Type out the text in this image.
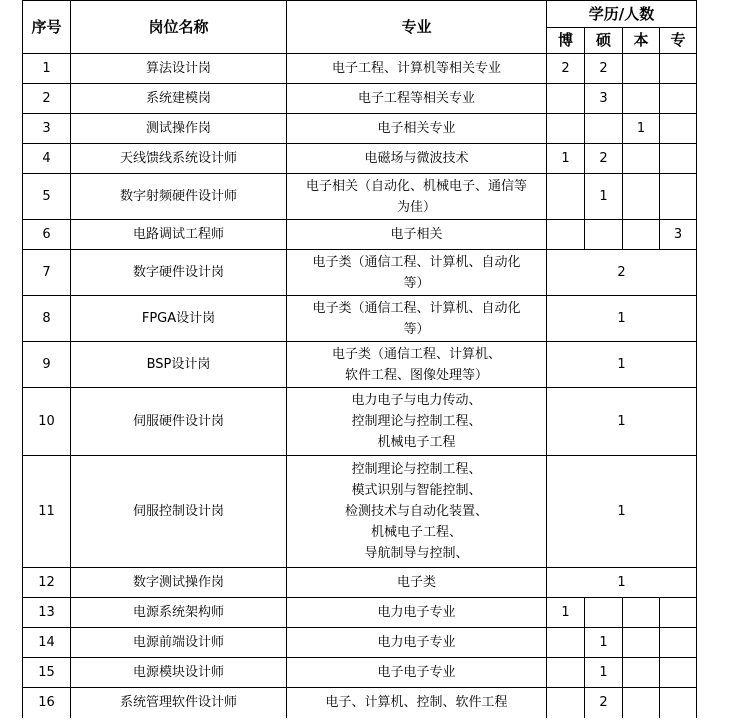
序号	岗位名称	专业	学历/人数			
			博	硕	本	专
1	算法设计岗	电子工程、计算机等相关专业	2	2		
2	系统建模岗	电子工程等相关专业		3		
3	测试操作岗	电子相关专业			1	
4	天线馈线系统设计师	电磁场与微波技术	1	2		
5	数字射频硬件设计师	电子相关（自动化、机械电子、通信等
为佳）		1		
6	电路调试工程师	电子相关				3
7	数字硬件设计岗	电子类（通信工程、计算机、自动化
等）	2			
8	FPGA设计岗	电子类（通信工程、计算机、自动化
等）	1			
9	BSP设计岗	电子类（通信工程、计算机、
软件工程、图像处理等）	1			
10	伺服硬件设计岗	电力电子与电力传动、
控制理论与控制工程、
机械电子工程	1			
11	伺服控制设计岗	控制理论与控制工程、
模式识别与智能控制、
检测技术与自动化装置、
机械电子工程、
导航制导与控制、	1			
12	数字测试操作岗	电子类	1			
13	电源系统架构师	电力电子专业	1			
14	电源前端设计师	电力电子专业		1		
15	电源模块设计师	电子电子专业		1		
16	系统管理软件设计师	电子、计算机、控制、软件工程		2		
